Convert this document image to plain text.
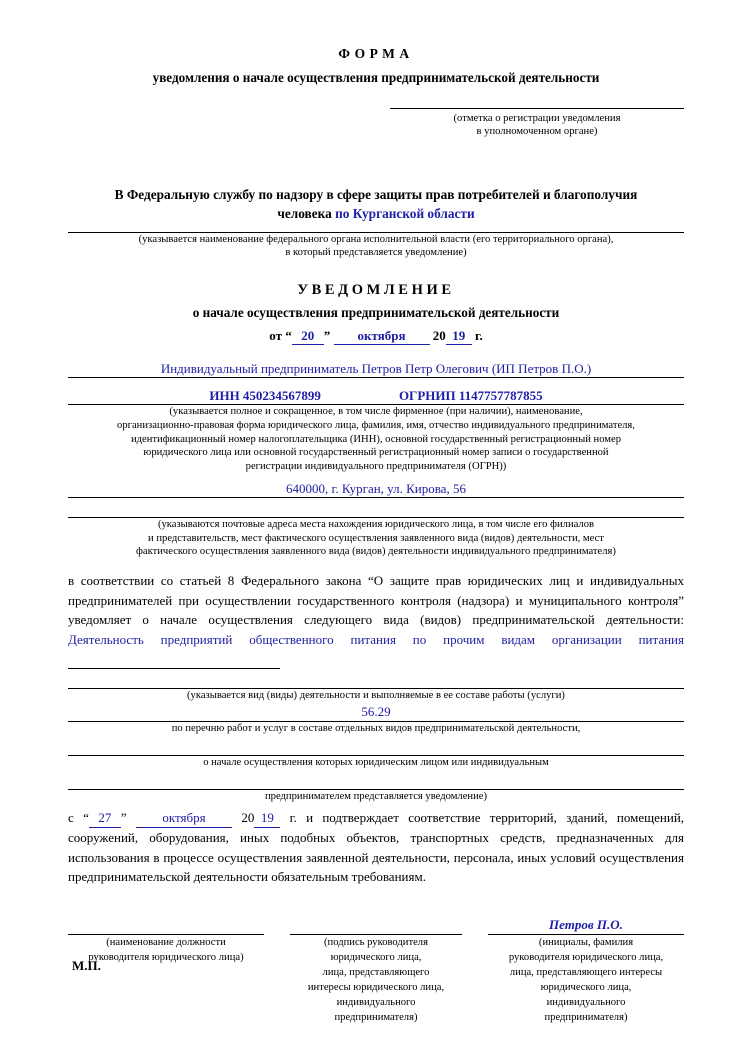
ФОРМА
уведомления о начале осуществления предпринимательской деятельности
В Федеральную службу по надзору в сфере защиты прав потребителей и благополучия
человека по Курганской области
(указывается наименование федерального органа исполнительной власти (его территориального органа),
в который представляется уведомление)
УВЕДОМЛЕНИЕ
о начале осуществления предпринимательской деятельности
от “ 20 ” октября 20 19 г.
Индивидуальный предприниматель Петров Петр Олегович (ИП Петров П.О.)
ИНН 450234567899	ОГРНИП 1147757787855
(указывается полное и сокращенное, в том числе фирменное (при наличии), наименование,
организационно-правовая форма юридического лица, фамилия, имя, отчество индивидуального предпринимателя,
идентификационный номер налогоплательщика (ИНН), основной государственный регистрационный номер
юридического лица или основной государственный регистрационный номер записи о государственной
регистрации индивидуального предпринимателя (ОГРН))
640000, г. Курган, ул. Кирова, 56
(указываются почтовые адреса места нахождения юридического лица, в том числе его филиалов
и представительств, мест фактического осуществления заявленного вида (видов) деятельности, мест
фактического осуществления заявленного вида (видов) деятельности индивидуального предпринимателя)
в соответствии со статьей 8 Федерального закона “О защите прав юридических лиц и индивидуальных предпринимателей при осуществлении государственного контроля (надзора) и муниципального контроля” уведомляет о начале осуществления следующего вида (видов) предпринимательской деятельности: Деятельность предприятий общественного питания по прочим видам организации питания
(указывается вид (виды) деятельности и выполняемые в ее составе работы (услуги)
56.29
по перечню работ и услуг в составе отдельных видов предпринимательской деятельности,
о начале осуществления которых юридическим лицом или индивидуальным
предпринимателем представляется уведомление)
с “ 27 ”	октября	20 19 г. и подтверждает соответствие территорий, зданий, помещений, сооружений, оборудования, иных подобных объектов, транспортных средств, предназначенных для использования в процессе осуществления заявленной деятельности, персонала, иных условий осуществления предпринимательской деятельности обязательным требованиям.
(наименование должности
руководителя юридического лица)
(подпись руководителя
юридического лица,
лица, представляющего
интересы юридического лица,
индивидуального
предпринимателя)
Петров П.О.
(инициалы, фамилия
руководителя юридического лица,
лица, представляющего интересы
юридического лица,
индивидуального
предпринимателя)
(отметка о регистрации уведомления
в уполномоченном органе)
М.П.
